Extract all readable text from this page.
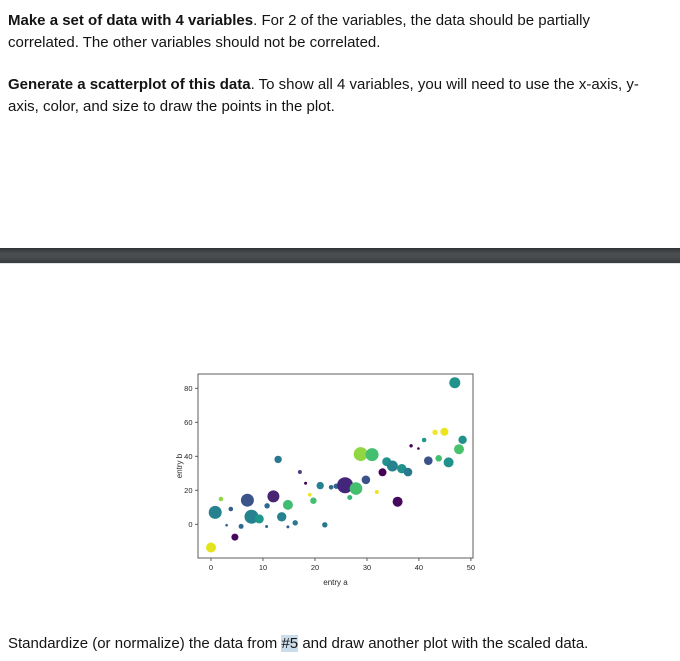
Make a set of data with 4 variables. For 2 of the variables, the data should be partially
correlated. The other variables should not be correlated.

Generate a scatterplot of this data. To show all 4 variables, you will need to use the x-axis, y-
axis, color, and size to draw the points in the plot.

0	10	20	30	40	50
0
20
40
60
80
entry a
entry b

Standardize (or normalize) the data from #5 and draw another plot with the scaled data.
